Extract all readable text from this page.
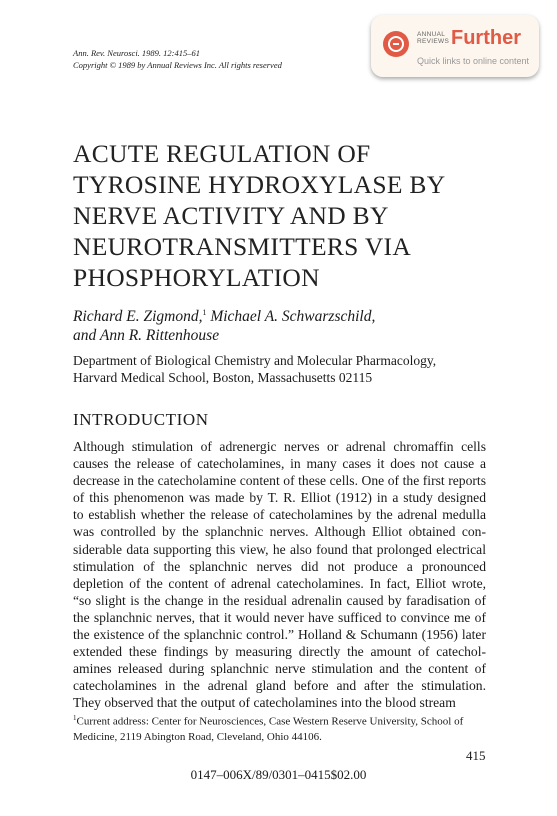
Ann. Rev. Neurosci. 1989. 12:415–61
Copyright © 1989 by Annual Reviews Inc. All rights reserved
ANNUAL
REVIEWS Further
Quick links to online content
ACUTE REGULATION OF
TYROSINE HYDROXYLASE BY
NERVE ACTIVITY AND BY
NEUROTRANSMITTERS VIA
PHOSPHORYLATION
Richard E. Zigmond,$^1$ Michael A. Schwarzschild,
and Ann R. Rittenhouse
Department of Biological Chemistry and Molecular Pharmacology,
Harvard Medical School, Boston, Massachusetts 02115
INTRODUCTION
Although stimulation of adrenergic nerves or adrenal chromaffin cells
causes the release of catecholamines, in many cases it does not cause a
decrease in the catecholamine content of these cells. One of the first reports
of this phenomenon was made by T. R. Elliot (1912) in a study designed
to establish whether the release of catecholamines by the adrenal medulla
was controlled by the splanchnic nerves. Although Elliot obtained con-
siderable data supporting this view, he also found that prolonged electrical
stimulation of the splanchnic nerves did not produce a pronounced
depletion of the content of adrenal catecholamines. In fact, Elliot wrote,
“so slight is the change in the residual adrenalin caused by faradisation of
the splanchnic nerves, that it would never have sufficed to convince me of
the existence of the splanchnic control.” Holland & Schumann (1956) later
extended these findings by measuring directly the amount of catechol-
amines released during splanchnic nerve stimulation and the content of
catecholamines in the adrenal gland before and after the stimulation.
They observed that the output of catecholamines into the blood stream
$^1$Current address: Center for Neurosciences, Case Western Reserve University, School of
Medicine, 2119 Abington Road, Cleveland, Ohio 44106.
415
0147–006X/89/0301–0415$02.00
